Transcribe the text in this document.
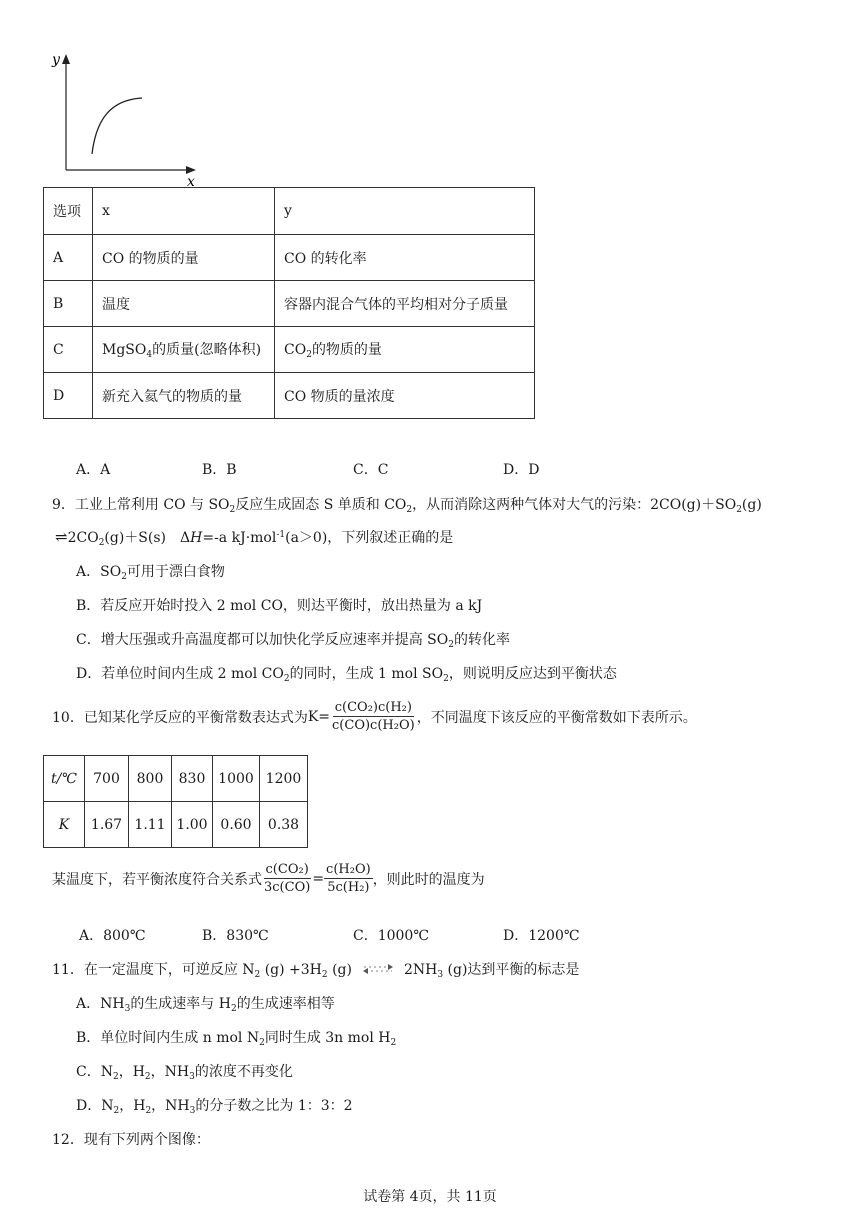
y
x
选项	x	y
A	CO 的物质的量	CO 的转化率
B	温度	容器内混合气体的平均相对分子质量
C	MgSO$_4$的质量(忽略体积)	$CO_2$的物质的量
D	新充入氦气的物质的量	CO 物质的量浓度
A．A	B．B	C．C	D．D
9．工业上常利用 CO 与 $SO_2$反应生成固态 S 单质和 $CO_2$，从而消除这两种气体对大气的污染：$2CO(g)+SO_2(g)$
$\rightleftharpoons 2CO_2(g)+S(s)$　ΔH=-a kJ·mol$^{-1}$(a＞0)，下列叙述正确的是
A．$SO_2$可用于漂白食物
B．若反应开始时投入 2 mol CO，则达平衡时，放出热量为 a kJ
C．增大压强或升高温度都可以加快化学反应速率并提高 $SO_2$的转化率
D．若单位时间内生成 2 mol $CO_2$的同时，生成 1 mol $SO_2$，则说明反应达到平衡状态
10．已知某化学反应的平衡常数表达式为 $K= \frac{\text{c(CO₂)c(H₂)}}{\text{c(CO)c(H₂O)}}$ ，不同温度下该反应的平衡常数如下表所示。
t/℃	700	800	830	1000	1200
K	1.67	1.11	1.00	0.60	0.38
某温度下，若平衡浓度符合关系式 $\frac{\text{c(CO₂)}}{3c(CO)} = \frac{\text{c(H₂O)}}{\text{5c(H₂)}}$ ，则此时的温度为
A．800℃	B．830℃	C．1000℃	D．1200℃
11．在一定温度下，可逆反应 $N_2$ $(g) +3H_2$ (g) ⇌ $2NH_3$ (g)达到平衡的标志是
A．$NH_3$的生成速率与 $H_2$的生成速率相等
B．单位时间内生成 n mol $N_2$同时生成 3n mol $H_2$
C．$N_2$，$H_2$，$NH_3$的浓度不再变化
D．$N_2$，$H_2$，$NH_3$的分子数之比为 1：3：2
12．现有下列两个图像：
试卷第 4页，共 11页
